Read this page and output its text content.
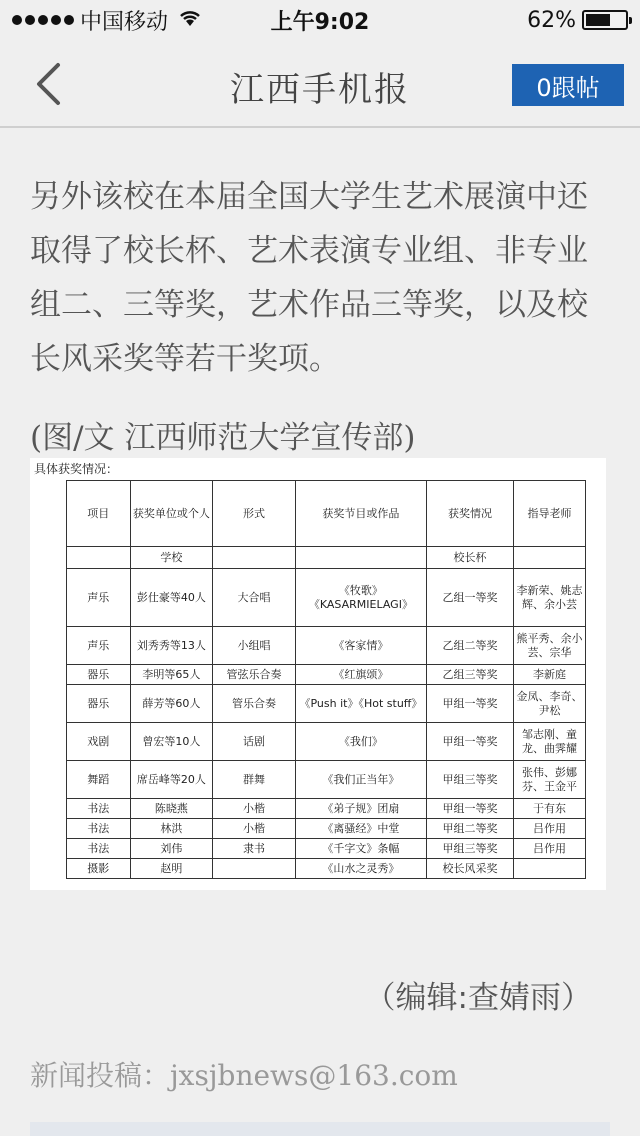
中国移动	上午9:02	62%
江西手机报	0跟帖
另外该校在本届全国大学生艺术展演中还取得了校长杯、艺术表演专业组、非专业组二、三等奖，艺术作品三等奖，以及校长风采奖等若干奖项。
(图/文 江西师范大学宣传部)
具体获奖情况：
项目	获奖单位或个人	形式	获奖节目或作品	获奖情况	指导老师
	学校			校长杯	
声乐	彭仕豪等40人	大合唱	《牧歌》《KASARMIELAGI》	乙组一等奖	李新荣、姚志辉、余小芸
声乐	刘秀秀等13人	小组唱	《客家情》	乙组二等奖	熊平秀、余小芸、宗华
器乐	李明等65人	管弦乐合奏	《红旗颂》	乙组三等奖	李新庭
器乐	薛芳等60人	管乐合奏	《Push it》《Hot stuff》	甲组一等奖	金凤、李奇、尹松
戏剧	曾宏等10人	话剧	《我们》	甲组一等奖	邹志刚、童龙、曲霁耀
舞蹈	席岳峰等20人	群舞	《我们正当年》	甲组三等奖	张伟、彭娜芬、王金平
书法	陈晓燕	小楷	《弟子规》团扇	甲组一等奖	于有东
书法	林洪	小楷	《离骚经》中堂	甲组二等奖	吕作用
书法	刘伟	隶书	《千字文》条幅	甲组三等奖	吕作用
摄影	赵明		《山水之灵秀》	校长风采奖	
（编辑:查婧雨）
新闻投稿：jxsjbnews@163.com
